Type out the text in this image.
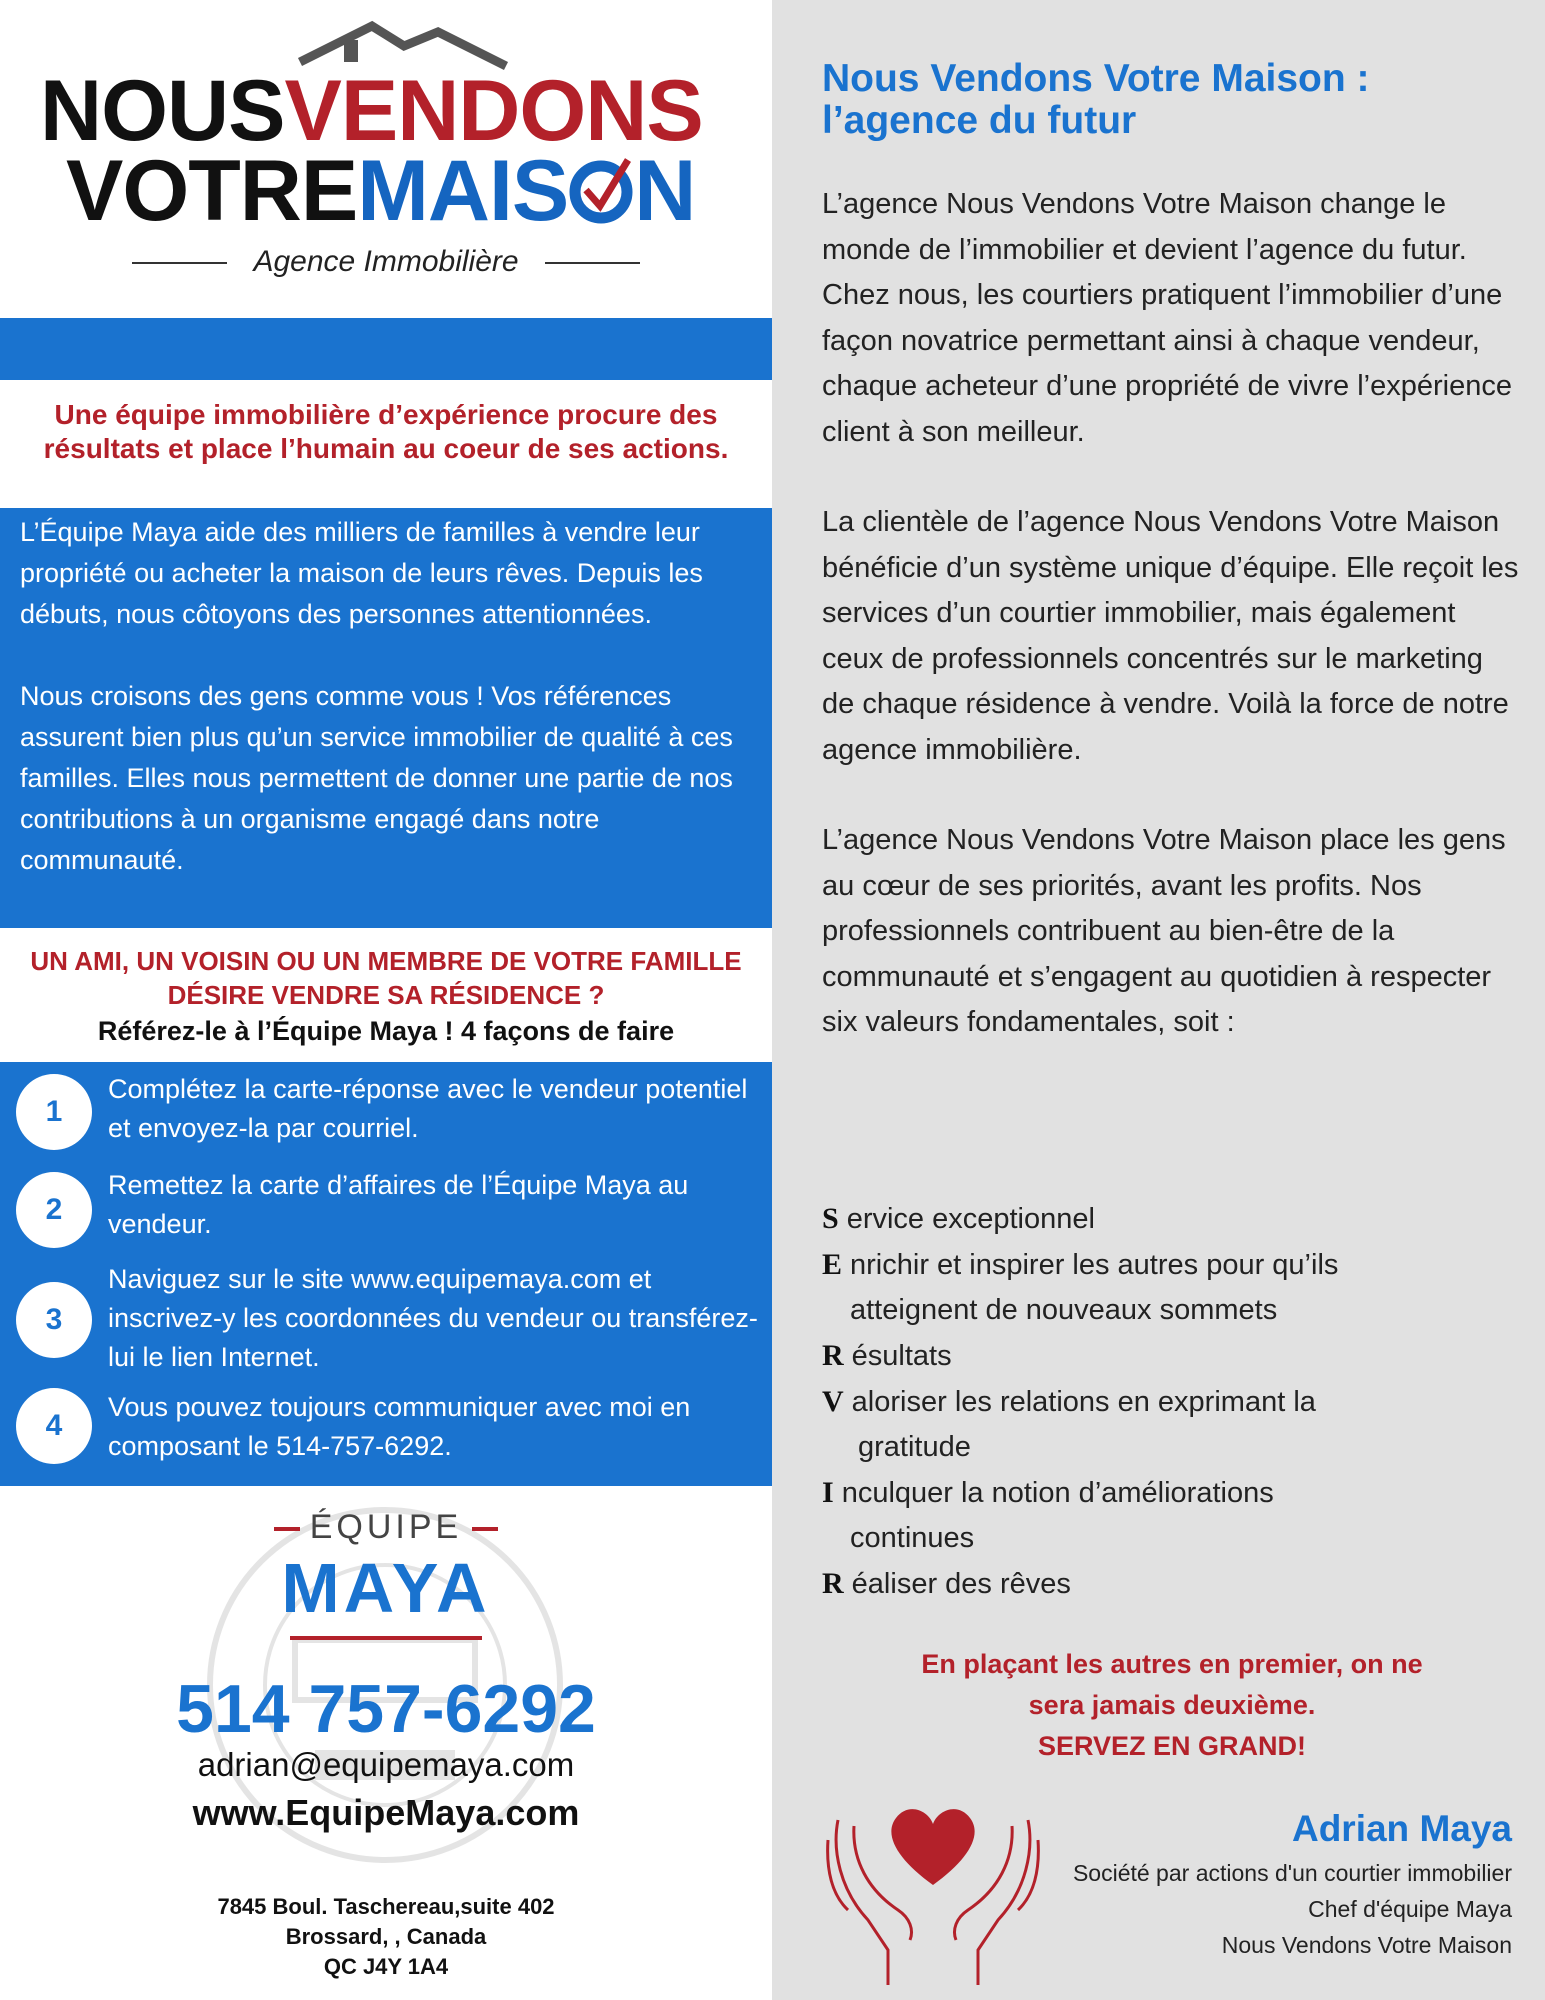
NOUSVENDONS
VOTREMAIS N
Agence Immobilière
Une équipe immobilière d’expérience procure des résultats et place l’humain au coeur de ses actions.

L’Équipe Maya aide des milliers de familles à vendre leur propriété ou acheter la maison de leurs rêves. Depuis les débuts, nous côtoyons des personnes attentionnées.

Nous croisons des gens comme vous ! Vos références assurent bien plus qu’un service immobilier de qualité à ces familles. Elles nous permettent de donner une partie de nos contributions à un organisme engagé dans notre communauté.

UN AMI, UN VOISIN OU UN MEMBRE DE VOTRE FAMILLE DÉSIRE VENDRE SA RÉSIDENCE ?
Référez-le à l’Équipe Maya ! 4 façons de faire
1
Complétez la carte-réponse avec le vendeur potentiel et envoyez-la par courriel.
2
Remettez la carte d’affaires de l’Équipe Maya au vendeur.
3
Naviguez sur le site www.equipemaya.com et inscrivez-y les coordonnées du vendeur ou transférez-lui le lien Internet.
4
Vous pouvez toujours communiquer avec moi en composant le 514-757-6292.
ÉQUIPE
MAYA
514 757-6292
adrian@equipemaya.com
www.EquipeMaya.com
7845 Boul. Taschereau,suite 402
Brossard, , Canada
QC J4Y 1A4
Nous Vendons Votre Maison :
l’agence du futur

L’agence Nous Vendons Votre Maison change le monde de l’immobilier et devient l’agence du futur. Chez nous, les courtiers pratiquent l’immobilier d’une façon novatrice permettant ainsi à chaque vendeur, chaque acheteur d’une propriété de vivre l’expérience client à son meilleur.

La clientèle de l’agence Nous Vendons Votre Maison bénéficie d’un système unique d’équipe. Elle reçoit les services d’un courtier immobilier, mais également ceux de professionnels concentrés sur le marketing de chaque résidence à vendre. Voilà la force de notre agence immobilière.

L’agence Nous Vendons Votre Maison place les gens au cœur de ses priorités, avant les profits. Nos professionnels contribuent au bien-être de la communauté et s’engagent au quotidien à respecter six valeurs fondamentales, soit :

S ervice exceptionnel
E nrichir et inspirer les autres pour qu’ils
atteignent de nouveaux sommets
R ésultats
V aloriser les relations en exprimant la
gratitude
I nculquer la notion d’améliorations
continues
R éaliser des rêves
En plaçant les autres en premier, on ne
sera jamais deuxième.
SERVEZ EN GRAND!
Adrian Maya
Société par actions d'un courtier immobilier
Chef d'équipe Maya
Nous Vendons Votre Maison
